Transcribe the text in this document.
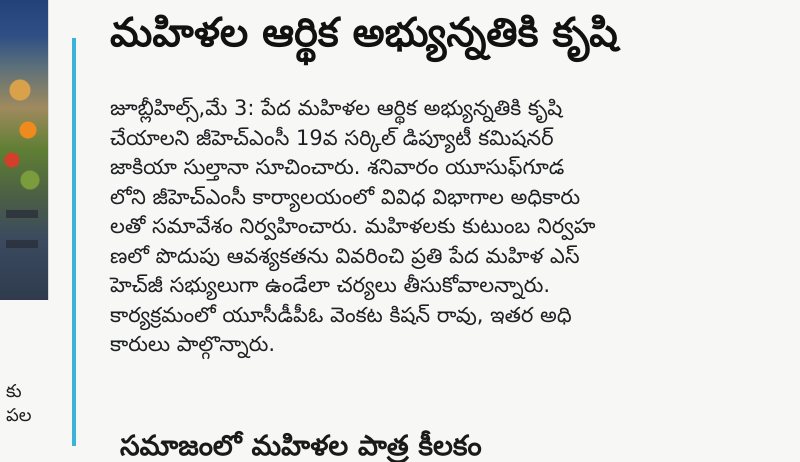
కు
పల
మహిళల ఆర్థిక అభ్యున్నతికి కృషి
జూబ్లీహిల్స్,మే 3: పేద మహిళల ఆర్థిక అభ్యున్నతికి కృషి
చేయాలని జీహెచ్ఎంసీ 19వ సర్కిల్ డిప్యూటీ కమిషనర్
జాకియా సుల్తానా సూచించారు. శనివారం యూసుఫ్‌గూడ
లోని జీహెచ్ఎంసీ కార్యాలయంలో వివిధ విభాగాల అధికారు
లతో సమావేశం నిర్వహించారు. మహిళలకు కుటుంబ నిర్వహ
ణలో పొదుపు ఆవశ్యకతను వివరించి ప్రతి పేద మహిళ ఎస్
హెచ్‌జీ సభ్యులుగా ఉండేలా చర్యలు తీసుకోవాలన్నారు.
కార్యక్రమంలో యూసీడీపీఓ వెంకట కిషన్ రావు, ఇతర అధి
కారులు పాల్గొన్నారు.
సమాజంలో మహిళల పాత్ర కీలకం
